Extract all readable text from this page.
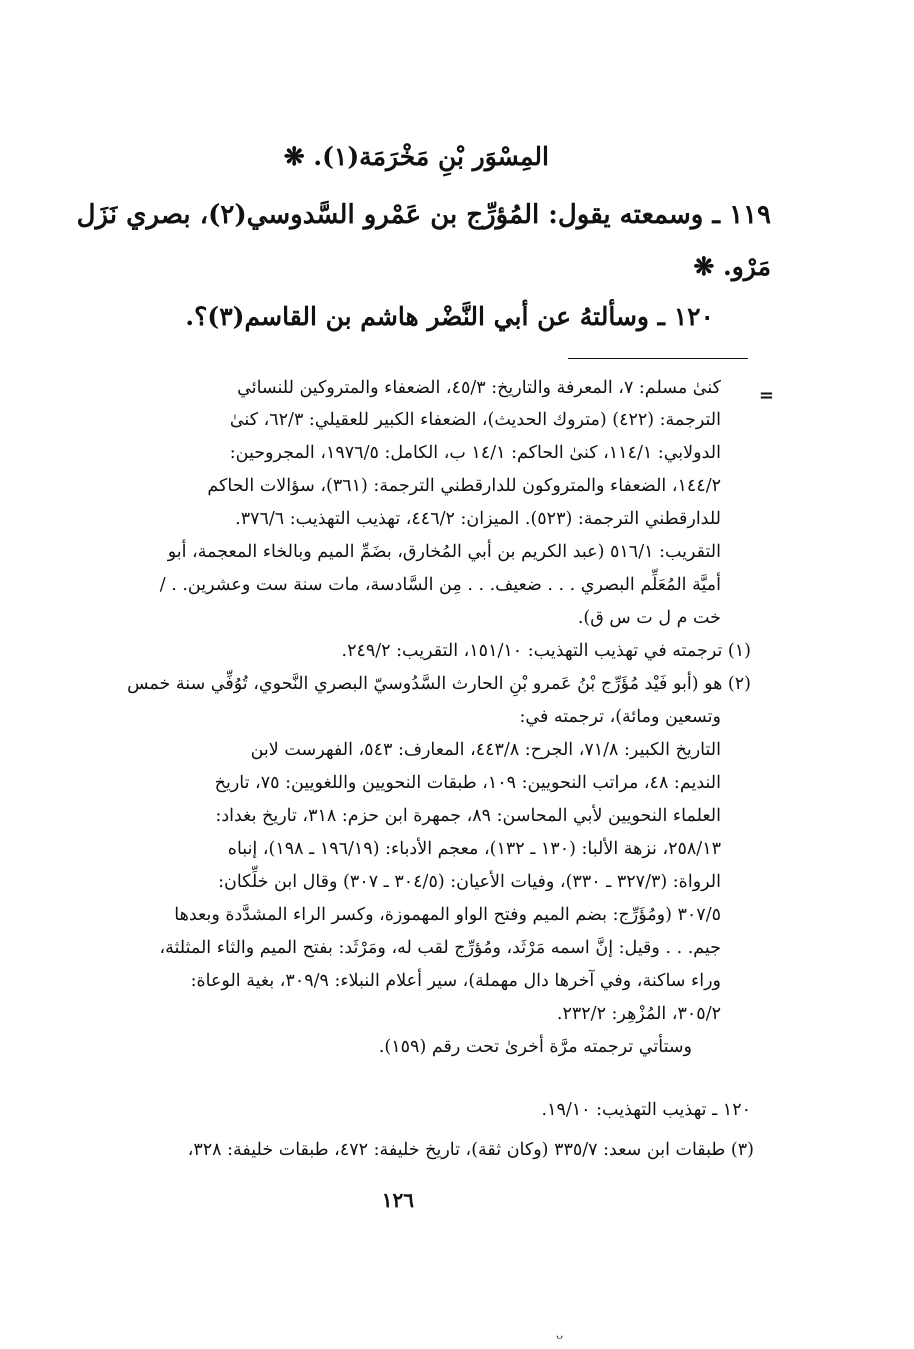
المِسْوَر بْنِ مَخْرَمَة(١). ❋
١١٩ ـ وسمعته يقول: المُؤرِّج بن عَمْرو السَّدوسي(٢)، بصري نَزَل
مَرْو. ❋
١٢٠ ـ وسألتهُ عن أبي النَّضْر هاشم بن القاسم(٣)؟.
=
كنىٰ مسلم: ٧، المعرفة والتاريخ: ٤٥/٣، الضعفاء والمتروكين للنسائي
الترجمة: (٤٢٢) (متروك الحديث)، الضعفاء الكبير للعقيلي: ٦٢/٣، كنىٰ
الدولابي: ١١٤/١، كنىٰ الحاكم: ١٤/١ ب، الكامل: ١٩٧٦/٥، المجروحين:
١٤٤/٢، الضعفاء والمتروكون للدارقطني الترجمة: (٣٦١)، سؤالات الحاكم
للدارقطني الترجمة: (٥٢٣). الميزان: ٤٤٦/٢، تهذيب التهذيب: ٣٧٦/٦.
التقريب: ٥١٦/١ (عبد الكريم بن أبي المُخارق، بضَمِّ الميم وبالخاء المعجمة، أبو
أميَّة المُعَلِّم البصري . . . ضعيف. . . مِن السَّادسة، مات سنة ست وعشرين. . /
خت م ل ت س ق).
(١) ترجمته في تهذيب التهذيب: ١٥١/١٠، التقريب: ٢٤٩/٢.
(٢) هو (أبو فَيْد مُؤَرِّج بْنُ عَمرو بْنِ الحارث السَّدُوسيّ البصري النَّحوي، تُوُفِّي سنة خمس
وتسعين ومائة)، ترجمته في:
التاريخ الكبير: ٧١/٨، الجرح: ٤٤٣/٨، المعارف: ٥٤٣، الفهرست لابن
النديم: ٤٨، مراتب النحويين: ١٠٩، طبقات النحويين واللغويين: ٧٥، تاريخ
العلماء النحويين لأبي المحاسن: ٨٩، جمهرة ابن حزم: ٣١٨، تاريخ بغداد:
٢٥٨/١٣، نزهة الألبا: (١٣٠ ـ ١٣٢)، معجم الأدباء: (١٩٦/١٩ ـ ١٩٨)، إنباه
الرواة: (٣٢٧/٣ ـ ٣٣٠)، وفيات الأعيان: (٣٠٤/٥ ـ ٣٠٧) وقال ابن خلِّكان:
٣٠٧/٥ (ومُؤَرِّج: بضم الميم وفتح الواو المهموزة، وكسر الراء المشدَّدة وبعدها
جيم. . . وقيل: إنَّ اسمه مَرْثَد، ومُؤرِّج لقب له، ومَرْثَد: بفتح الميم والثاء المثلثة،
وراء ساكنة، وفي آخرها دال مهملة)، سير أعلام النبلاء: ٣٠٩/٩، بغية الوعاة:
٣٠٥/٢، المُزْهِر: ٢٣٢/٢.
وستأتي ترجمته مرَّة أخرىٰ تحت رقم (١٥٩).
١٢٠ ـ تهذيب التهذيب: ١٩/١٠.
(٣) طبقات ابن سعد: ٣٣٥/٧ (وكان ثقة)، تاريخ خليفة: ٤٧٢، طبقات خليفة: ٣٢٨،
١٢٦
ᴗ
